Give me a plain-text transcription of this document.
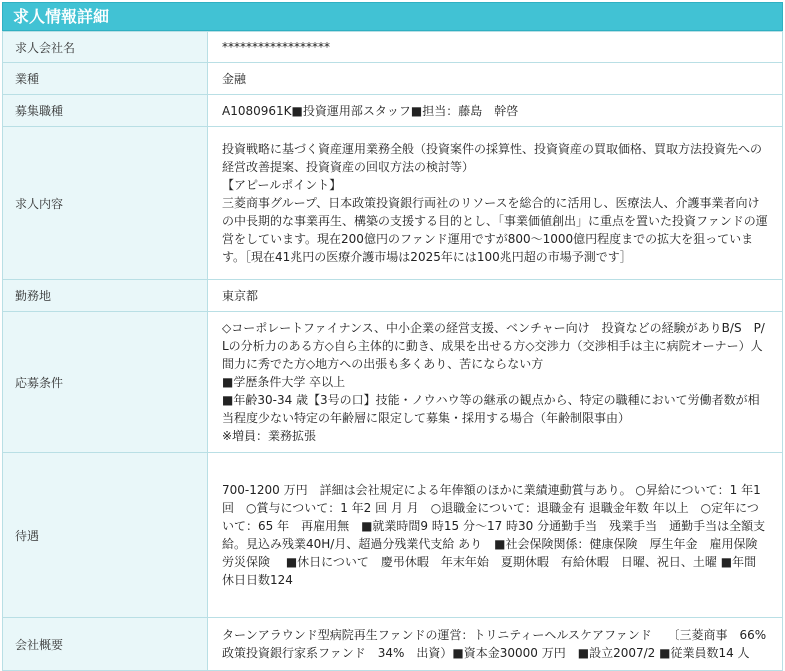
求人情報詳細
求人会社名	******************

業種	金融

募集職種	A1080961K■投資運用部スタッフ■担当：藤島　幹啓

求人内容	投資戦略に基づく資産運用業務全般（投資案件の採算性、投資資産の買取価格、買取方法投資先への経営改善提案、投資資産の回収方法の検討等）
【アピールポイント】
三菱商事グループ、日本政策投資銀行両社のリソースを総合的に活用し、医療法人、介護事業者向けの中長期的な事業再生、構築の支援する目的とし、「事業価値創出」に重点を置いた投資ファンドの運営をしています。現在200億円のファンド運用ですが800～1000億円程度までの拡大を狙っています。［現在41兆円の医療介護市場は2025年には100兆円超の市場予測です］

勤務地	東京都

応募条件	◇コーポレートファイナンス、中小企業の経営支援、ベンチャー向け　投資などの経験がありB/S　P/Lの分析力のある方◇自ら主体的に動き、成果を出せる方◇交渉力（交渉相手は主に病院オーナー）人間力に秀でた方◇地方への出張も多くあり、苦にならない方
■学歴条件大学 卒以上
■年齢30-34 歳【3号の口】技能・ノウハウ等の継承の観点から、特定の職種において労働者数が相当程度少ない特定の年齢層に限定して募集・採用する場合（年齢制限事由）
※増員：業務拡張

待遇	700-1200 万円　詳細は会社規定による年俸額のほかに業績連動賞与あり。 ○昇給について：1 年1 回　○賞与について：1 年2 回 月 月　○退職金について：退職金有 退職金年数 年以上　○定年について：65 年　再雇用無　■就業時間9 時15 分～17 時30 分通勤手当　残業手当　通勤手当は全額支給。見込み残業40H/月、超過分残業代支給 あり　■社会保険関係：健康保険　厚生年金　雇用保険　労災保険　 ■休日について　慶弔休暇　年末年始　夏期休暇　有給休暇　日曜、祝日、土曜 ■年間休日日数124

会社概要	ターンアラウンド型病院再生ファンドの運営：トリニティーヘルスケアファンド　 〔三菱商事　66% 政策投資銀行家系ファンド　34%　出資）■資本金30000 万円　■設立2007/2 ■従業員数14 人
